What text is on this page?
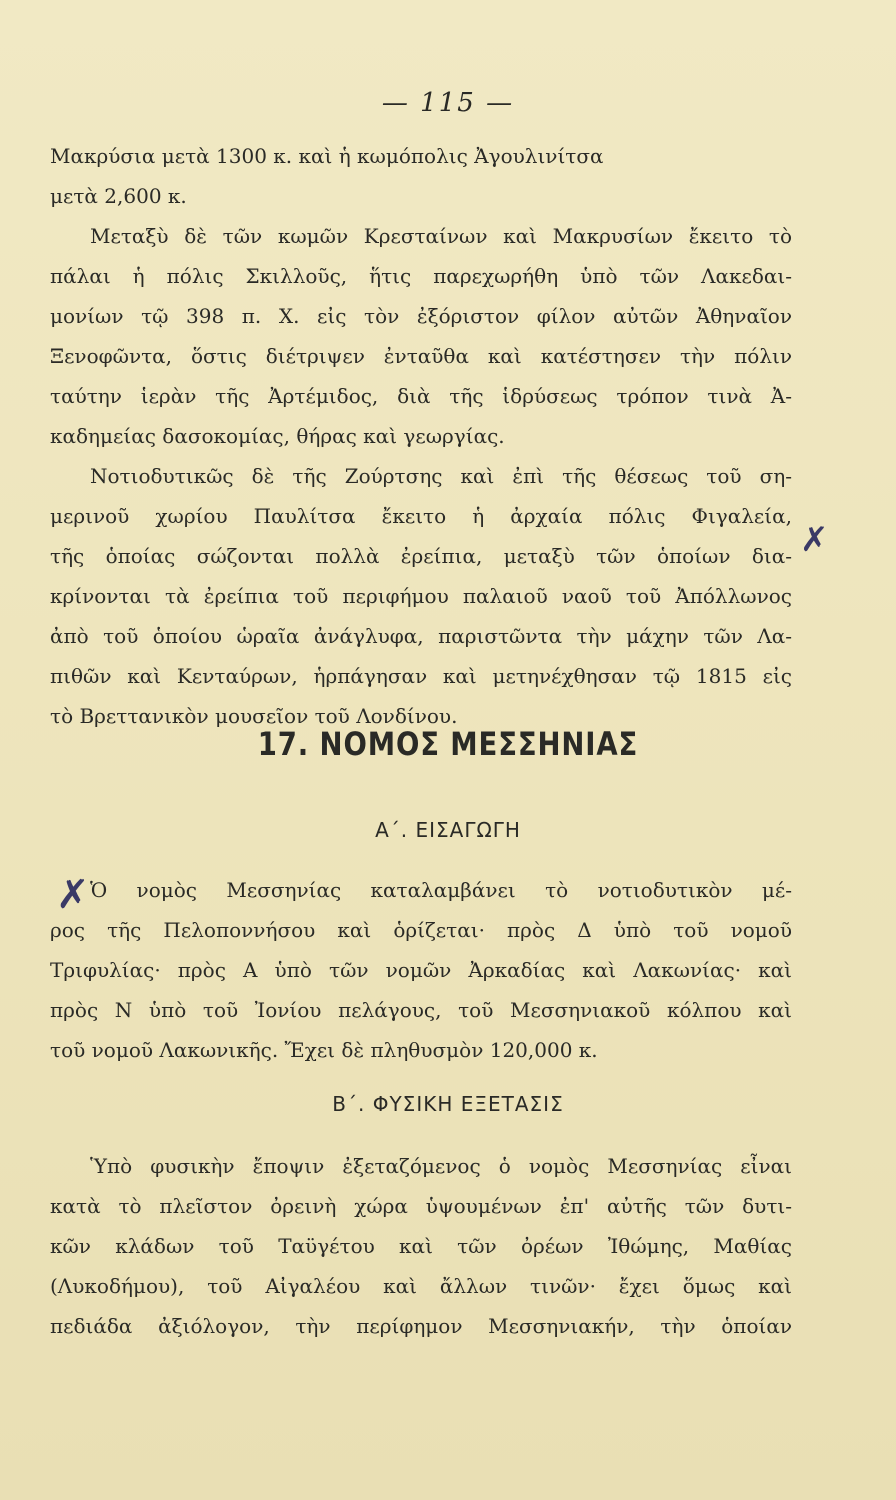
— 115 —
Μακρύσια μετὰ 1300 κ. καὶ ἡ κωμόπολις Ἀγουλινίτσα
μετὰ 2,600 κ.
Μεταξὺ δὲ τῶν κωμῶν Κρεσταίνων καὶ Μακρυσίων ἔκειτο τὸ
πάλαι ἡ πόλις Σκιλλοῦς, ἥτις παρεχωρήθη ὑπὸ τῶν Λακεδαι-
μονίων τῷ 398 π. Χ. εἰς τὸν ἐξόριστον φίλον αὐτῶν Ἀθηναῖον
Ξενοφῶντα, ὅστις διέτριψεν ἐνταῦθα καὶ κατέστησεν τὴν πόλιν
ταύτην ἱερὰν τῆς Ἀρτέμιδος, διὰ τῆς ἱδρύσεως τρόπον τινὰ Ἀ-
καδημείας δασοκομίας, θήρας καὶ γεωργίας.
Νοτιοδυτικῶς δὲ τῆς Ζούρτσης καὶ ἐπὶ τῆς θέσεως τοῦ ση-
μερινοῦ χωρίου Παυλίτσα ἔκειτο ἡ ἀρχαία πόλις Φιγαλεία,
τῆς ὁποίας σώζονται πολλὰ ἐρείπια, μεταξὺ τῶν ὁποίων δια-
κρίνονται τὰ ἐρείπια τοῦ περιφήμου παλαιοῦ ναοῦ τοῦ Ἀπόλλωνος
ἀπὸ τοῦ ὁποίου ὡραῖα ἀνάγλυφα, παριστῶντα τὴν μάχην τῶν Λα-
πιθῶν καὶ Κενταύρων, ἡρπάγησαν καὶ μετηνέχθησαν τῷ 1815 εἰς
τὸ Βρεττανικὸν μουσεῖον τοῦ Λονδίνου.
✗
17. ΝΟΜΟΣ ΜΕΣΣΗΝΙΑΣ
Α΄. ΕΙΣΑΓΩΓΗ
✗ Ὁ νομὸς Μεσσηνίας καταλαμβάνει τὸ νοτιοδυτικὸν μέ-
ρος τῆς Πελοποννήσου καὶ ὁρίζεται· πρὸς Δ ὑπὸ τοῦ νομοῦ
Τριφυλίας· πρὸς Α ὑπὸ τῶν νομῶν Ἀρκαδίας καὶ Λακωνίας· καὶ
πρὸς Ν ὑπὸ τοῦ Ἰονίου πελάγους, τοῦ Μεσσηνιακοῦ κόλπου καὶ
τοῦ νομοῦ Λακωνικῆς. Ἔχει δὲ πληθυσμὸν 120,000 κ.
Β΄. ΦΥΣΙΚΗ ΕΞΕΤΑΣΙΣ
Ὑπὸ φυσικὴν ἔποψιν ἐξεταζόμενος ὁ νομὸς Μεσσηνίας εἶναι
κατὰ τὸ πλεῖστον ὀρεινὴ χώρα ὑψουμένων ἐπ' αὐτῆς τῶν δυτι-
κῶν κλάδων τοῦ Ταϋγέτου καὶ τῶν ὀρέων Ἰθώμης, Μαθίας
(Λυκοδήμου), τοῦ Αἰγαλέου καὶ ἄλλων τινῶν· ἔχει ὅμως καὶ
πεδιάδα ἀξιόλογον, τὴν περίφημον Μεσσηνιακήν, τὴν ὁποίαν
